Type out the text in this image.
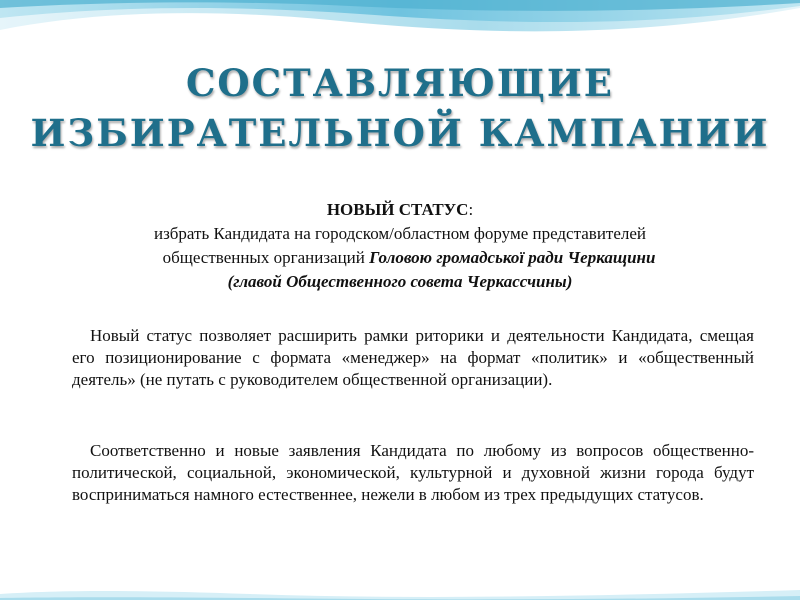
СОСТАВЛЯЮЩИЕ
ИЗБИРАТЕЛЬНОЙ КАМПАНИИ
НОВЫЙ СТАТУС:
избрать Кандидата на городском/областном форуме представителей
общественных организаций Головою громадської ради Черкащини
(главой Общественного совета Черкассчины)

Новый статус позволяет расширить рамки риторики и деятельности Кандидата, смещая его позиционирование с формата «менеджер» на формат «политик» и «общественный деятель» (не путать с руководителем общественной организации).

Соответственно и новые заявления Кандидата по любому из вопросов общественно-политической, социальной, экономической, культурной и духовной жизни города будут восприниматься намного естественнее, нежели в любом из трех предыдущих статусов.
